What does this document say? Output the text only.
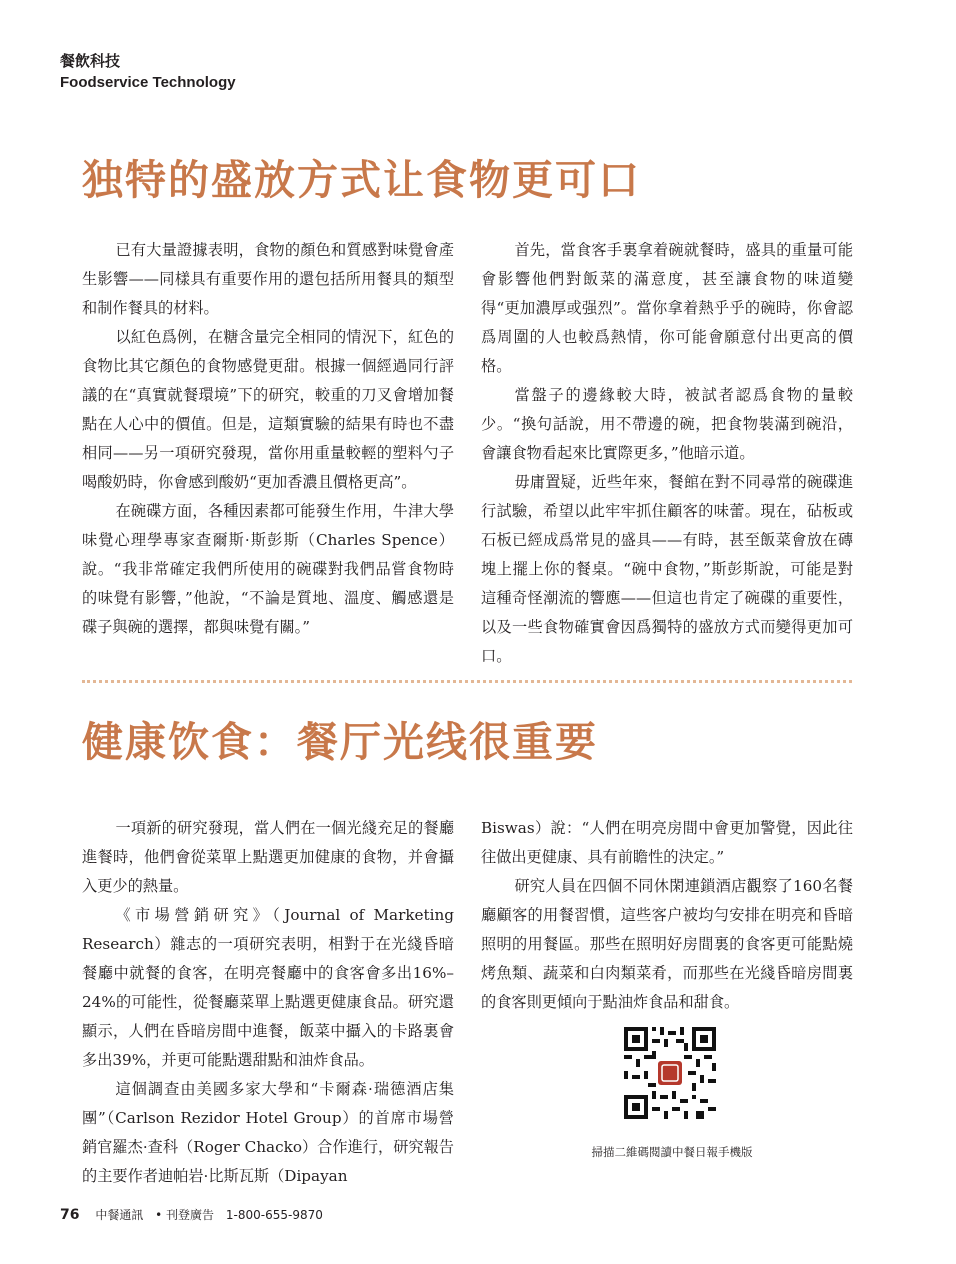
餐飲科技
Foodservice Technology
独特的盛放方式让食物更可口

已有大量證據表明，食物的顏色和質感對味覺會產生影響——同樣具有重要作用的還包括所用餐具的類型和制作餐具的材料。

以紅色爲例，在糖含量完全相同的情況下，紅色的食物比其它顏色的食物感覺更甜。根據一個經過同行評議的在“真實就餐環境”下的研究，較重的刀叉會增加餐點在人心中的價值。但是，這類實驗的結果有時也不盡相同——另一項研究發現，當你用重量較輕的塑料勺子喝酸奶時，你會感到酸奶“更加香濃且價格更高”。

在碗碟方面，各種因素都可能發生作用，牛津大學味覺心理學專家查爾斯·斯彭斯（Charles Spence）說。“我非常確定我們所使用的碗碟對我們品嘗食物時的味覺有影響，”他說，“不論是質地、溫度、觸感還是碟子與碗的選擇，都與味覺有關。”

首先，當食客手裏拿着碗就餐時，盛具的重量可能會影響他們對飯菜的滿意度，甚至讓食物的味道變得“更加濃厚或强烈”。當你拿着熱乎乎的碗時，你會認爲周圍的人也較爲熱情，你可能會願意付出更高的價格。

當盤子的邊緣較大時，被試者認爲食物的量較少。“換句話說，用不帶邊的碗，把食物裝滿到碗沿，會讓食物看起來比實際更多，”他暗示道。

毋庸置疑，近些年來，餐館在對不同尋常的碗碟進行試驗，希望以此牢牢抓住顧客的味蕾。現在，砧板或石板已經成爲常見的盛具——有時，甚至飯菜會放在磚塊上擺上你的餐桌。“碗中食物，”斯彭斯說，可能是對這種奇怪潮流的響應——但這也肯定了碗碟的重要性，以及一些食物確實會因爲獨特的盛放方式而變得更加可口。

健康饮食：餐厅光线很重要

一項新的研究發現，當人們在一個光綫充足的餐廳進餐時，他們會從菜單上點選更加健康的食物，并會攝入更少的熱量。

《市場營銷研究》（Journal of Marketing Research）雜志的一項研究表明，相對于在光綫昏暗餐廳中就餐的食客，在明亮餐廳中的食客會多出16%–24%的可能性，從餐廳菜單上點選更健康食品。研究還顯示，人們在昏暗房間中進餐，飯菜中攝入的卡路裏會多出39%，并更可能點選甜點和油炸食品。

這個調查由美國多家大學和“卡爾森·瑞德酒店集團”（Carlson Rezidor Hotel Group）的首席市場營銷官羅杰·查科（Roger Chacko）合作進行，研究報告的主要作者迪帕岩·比斯瓦斯（Dipayan

Biswas）說：“人們在明亮房間中會更加警覺，因此往往做出更健康、具有前瞻性的決定。”

研究人員在四個不同休閑連鎖酒店觀察了160名餐廳顧客的用餐習慣，這些客户被均勻安排在明亮和昏暗照明的用餐區。那些在照明好房間裏的食客更可能點燒烤魚類、蔬菜和白肉類菜肴，而那些在光綫昏暗房間裏的食客則更傾向于點油炸食品和甜食。

掃描二維碼閱讀中餐日報手機版
76 中餐通訊 • 刊登廣告 1-800-655-9870
